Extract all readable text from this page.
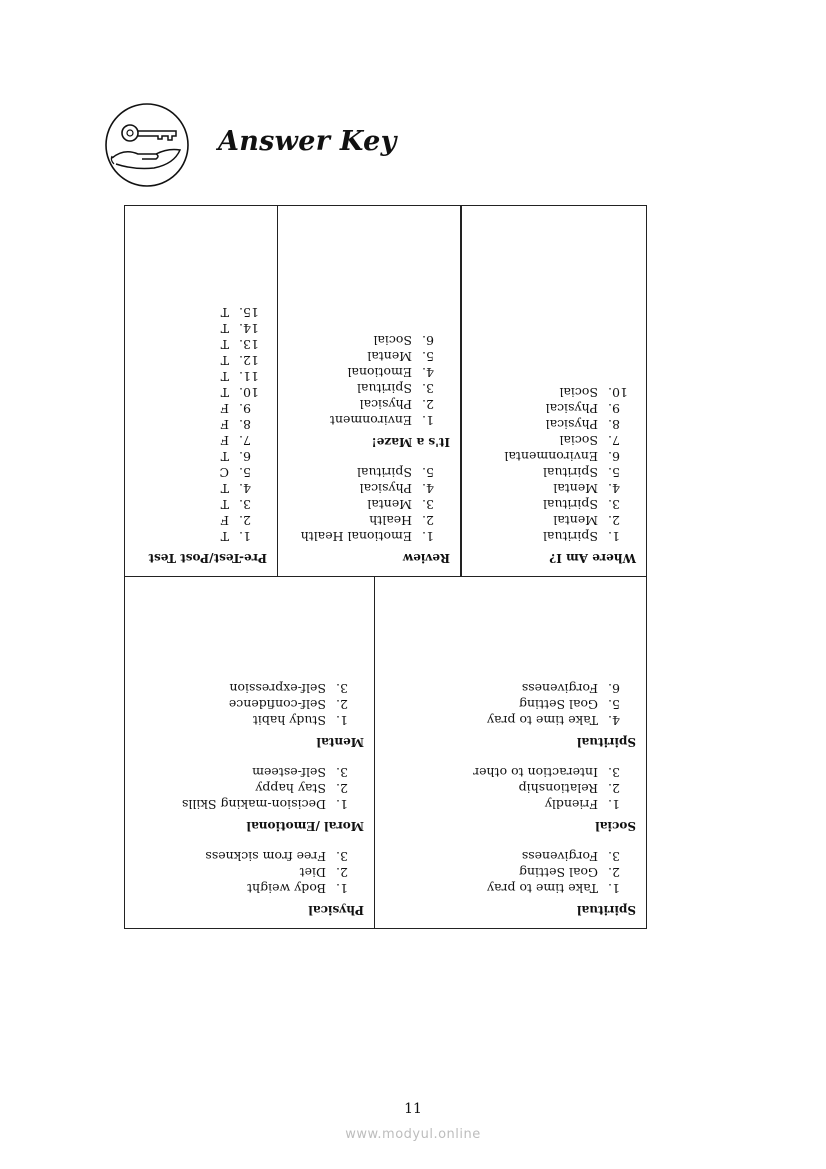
Answer Key
Pre-Test/Post Test
1.
T
2.
F
3.
T
4.
T
5.
C
6.
T
7.
F
8.
F
9.
F
10.
T
11.
T
12.
T
13.
T
14.
T
15.
T
Review
1.
Emotional Health
2.
Health
3.
Mental
4.
Physical
5.
Spiritual
It's a Maze!
1.
Environment
2.
Physical
3.
Spiritual
4.
Emotional
5.
Mental
6.
Social
Where Am I?
1.
Spiritual
2.
Mental
3.
Spiritual
4.
Mental
5.
Spiritual
6.
Environmental
7.
Social
8.
Physical
9.
Physical
10.
Social
Physical
1.
Body weight
2.
Diet
3.
Free from sickness
Moral /Emotional
1.
Decision-making Skills
2.
Stay happy
3.
Self-esteem
Mental
1.
Study habit
2.
Self-confidence
3.
Self-expression
Spiritual
1.
Take time to pray
2.
Goal Setting
3.
Forgiveness
Social
1.
Friendly
2.
Relationship
3.
Interaction to other
Spiritual
4.
Take time to pray
5.
Goal Setting
6.
Forgiveness
11
www.modyul.online
